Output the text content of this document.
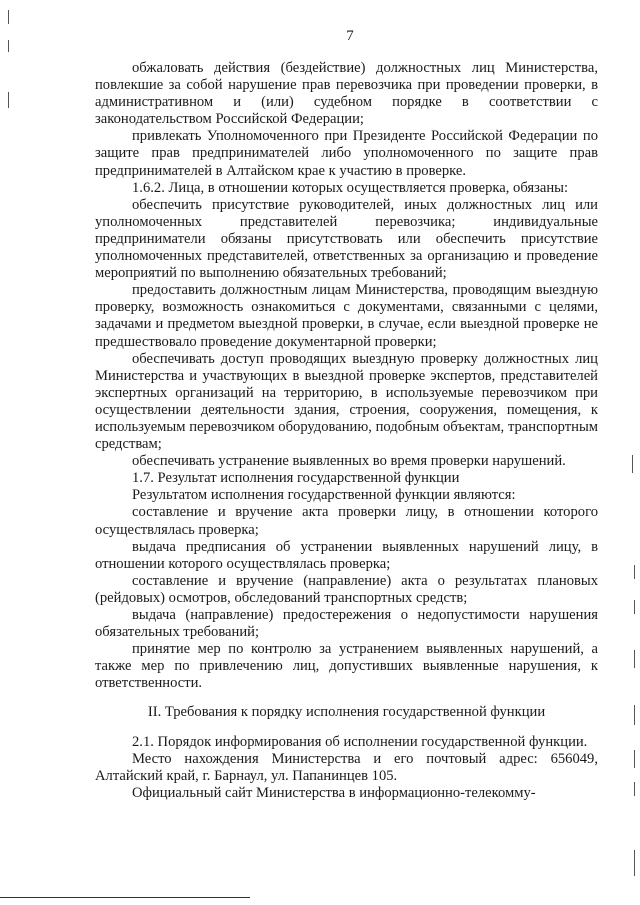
7

обжаловать действия (бездействие) должностных лиц Министерства, повлекшие за собой нарушение прав перевозчика при проведении проверки, в административном и (или) судебном порядке в соответствии с законодательством Российской Федерации;

привлекать Уполномоченного при Президенте Российской Федерации по защите прав предпринимателей либо уполномоченного по защите прав предпринимателей в Алтайском крае к участию в проверке.

1.6.2. Лица, в отношении которых осуществляется проверка, обязаны:

обеспечить присутствие руководителей, иных должностных лиц или уполномоченных представителей перевозчика; индивидуальные предприниматели обязаны присутствовать или обеспечить присутствие уполномоченных представителей, ответственных за организацию и проведение мероприятий по выполнению обязательных требований;

предоставить должностным лицам Министерства, проводящим выездную проверку, возможность ознакомиться с документами, связанными с целями, задачами и предметом выездной проверки, в случае, если выездной проверке не предшествовало проведение документарной проверки;

обеспечивать доступ проводящих выездную проверку должностных лиц Министерства и участвующих в выездной проверке экспертов, представителей экспертных организаций на территорию, в используемые перевозчиком при осуществлении деятельности здания, строения, сооружения, помещения, к используемым перевозчиком оборудованию, подобным объектам, транспортным средствам;

обеспечивать устранение выявленных во время проверки нарушений.

1.7. Результат исполнения государственной функции

Результатом исполнения государственной функции являются:

составление и вручение акта проверки лицу, в отношении которого осуществлялась проверка;

выдача предписания об устранении выявленных нарушений лицу, в отношении которого осуществлялась проверка;

составление и вручение (направление) акта о результатах плановых (рейдовых) осмотров, обследований транспортных средств;

выдача (направление) предостережения о недопустимости нарушения обязательных требований;

принятие мер по контролю за устранением выявленных нарушений, а также мер по привлечению лиц, допустивших выявленные нарушения, к ответственности.

II. Требования к порядку исполнения государственной функции

2.1. Порядок информирования об исполнении государственной функции.

Место нахождения Министерства и его почтовый адрес: 656049, Алтайский край, г. Барнаул, ул. Папанинцев 105.

Официальный сайт Министерства в информационно-телекомму-
